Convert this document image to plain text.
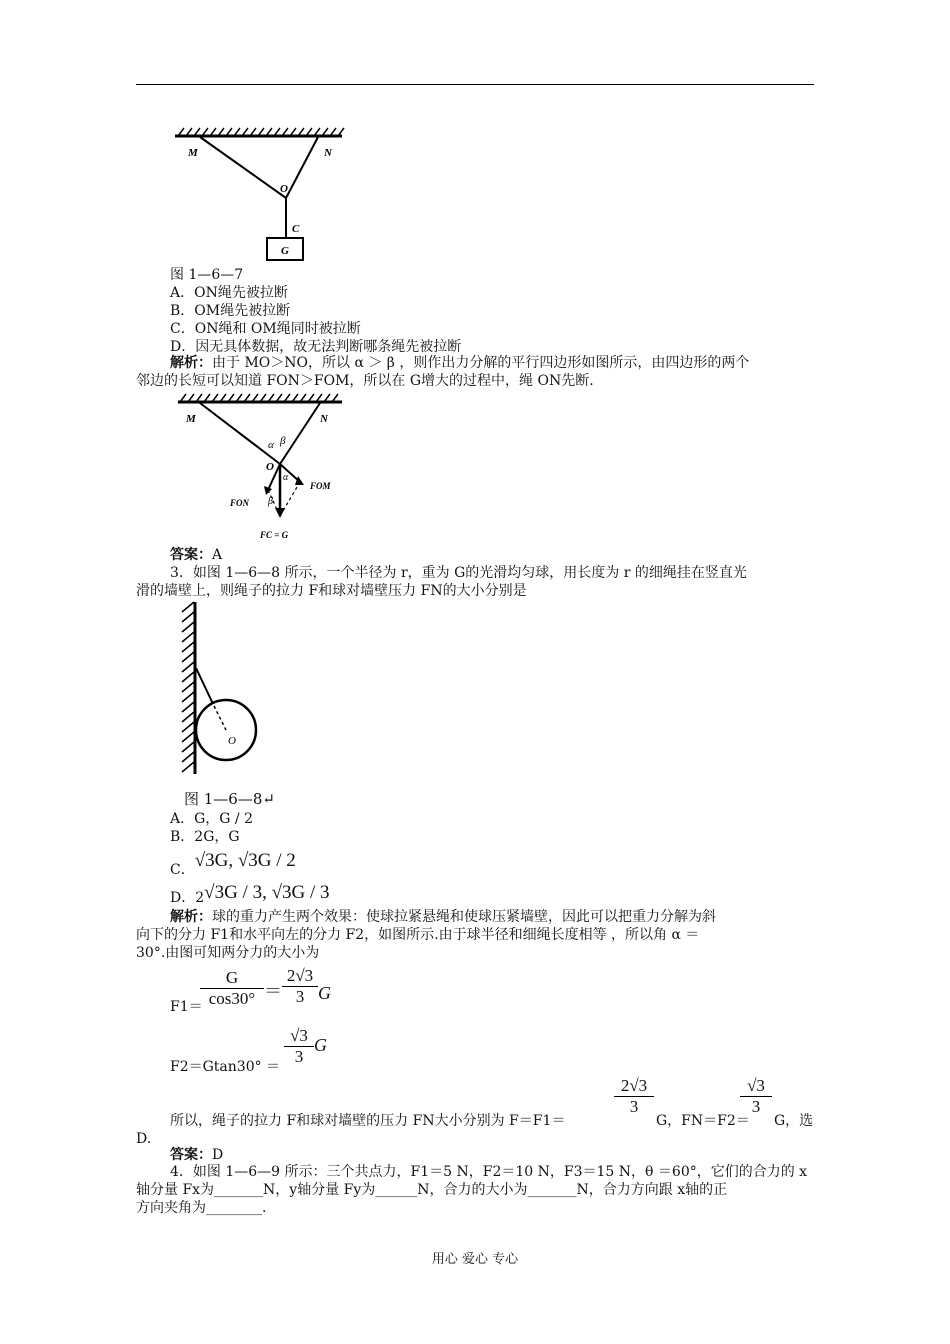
M	N
O
C
G
图 1—6—7
A．ON绳先被拉断
B．OM绳先被拉断
C．ON绳和 OM绳同时被拉断
D．因无具体数据，故无法判断哪条绳先被拉断
解析：由于 MO＞NO，所以 α ＞ β ，则作出力分解的平行四边形如图所示，由四边形的两个
邻边的长短可以知道 FON＞FOM，所以在 G增大的过程中，绳 ON先断.
M	N
α β
O
α
β
FOM
FON
FC = G
答案：A
3．如图 1—6—8 所示，一个半径为 r，重为 G的光滑均匀球，用长度为 r 的细绳挂在竖直光
滑的墙壁上，则绳子的拉力 F和球对墙壁压力 FN的大小分别是
O
图 1—6—8↵
A．G，G / 2
B．2G，G
C．√3G, √3G / 2
D．2√3G / 3, √3G / 3
解析：球的重力产生两个效果：使球拉紧悬绳和使球压紧墙壁，因此可以把重力分解为斜
向下的分力 F1和水平向左的分力 F2，如图所示.由于球半径和细绳长度相等 ，所以角 α ＝
30°.由图可知两分力的大小为
F1＝
$\frac{G}{\cos 30^\circ} = \frac{2√3}{3}$ G
$F2=Gtan30^\circ = \frac{√3}{3}$ G
所以，绳子的拉力 F和球对墙壁的压力 FN大小分别为 F＝F1＝
$\frac{2√3}{3}$
G，FN＝F2＝
$\frac{√3}{3}$
G，选
D.
答案：D
4．如图 1—6—9 所示：三个共点力，F1＝5 N，F2＝10 N，F3＝15 N，θ ＝60°，它们的合力的 x
轴分量 Fx为_______N，y轴分量 Fy为______N，合力的大小为_______N，合力方向跟 x轴的正
方向夹角为________.
用心 爱心 专心
